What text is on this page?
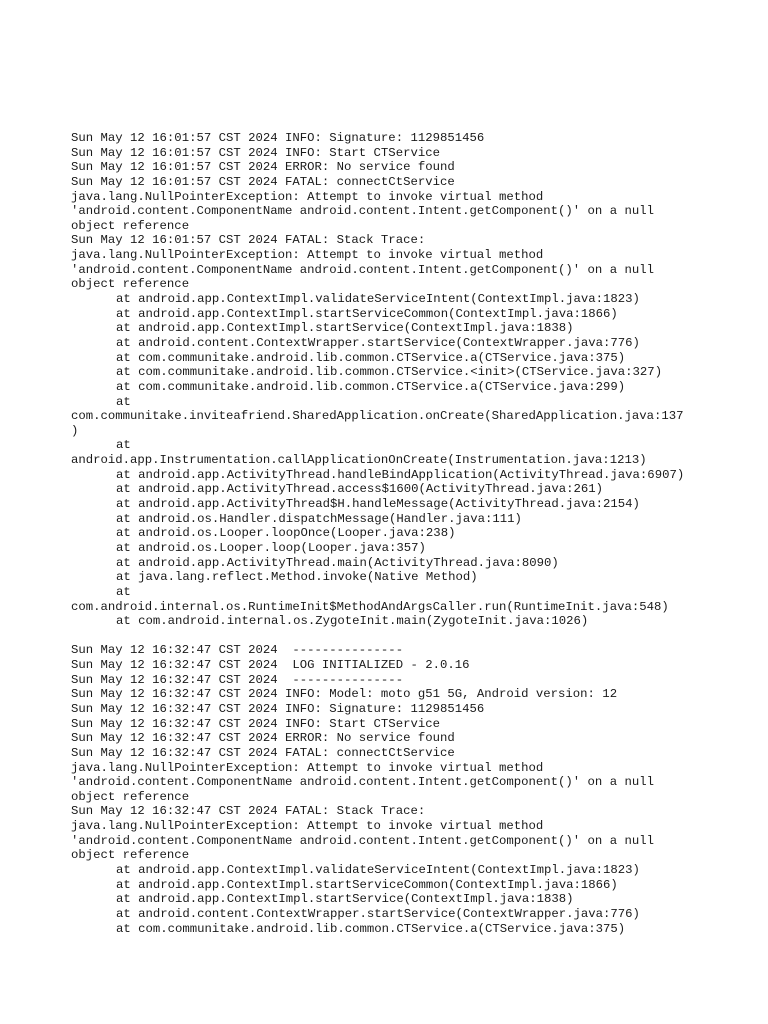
Sun May 12 16:01:57 CST 2024 INFO: Signature: 1129851456
Sun May 12 16:01:57 CST 2024 INFO: Start CTService
Sun May 12 16:01:57 CST 2024 ERROR: No service found
Sun May 12 16:01:57 CST 2024 FATAL: connectCtService
java.lang.NullPointerException: Attempt to invoke virtual method
'android.content.ComponentName android.content.Intent.getComponent()' on a null
object reference
Sun May 12 16:01:57 CST 2024 FATAL: Stack Trace:
java.lang.NullPointerException: Attempt to invoke virtual method
'android.content.ComponentName android.content.Intent.getComponent()' on a null
object reference
at android.app.ContextImpl.validateServiceIntent(ContextImpl.java:1823)
at android.app.ContextImpl.startServiceCommon(ContextImpl.java:1866)
at android.app.ContextImpl.startService(ContextImpl.java:1838)
at android.content.ContextWrapper.startService(ContextWrapper.java:776)
at com.communitake.android.lib.common.CTService.a(CTService.java:375)
at com.communitake.android.lib.common.CTService.<init>(CTService.java:327)
at com.communitake.android.lib.common.CTService.a(CTService.java:299)
at
com.communitake.inviteafriend.SharedApplication.onCreate(SharedApplication.java:137
)
at
android.app.Instrumentation.callApplicationOnCreate(Instrumentation.java:1213)
at android.app.ActivityThread.handleBindApplication(ActivityThread.java:6907)
at android.app.ActivityThread.access$1600(ActivityThread.java:261)
at android.app.ActivityThread$H.handleMessage(ActivityThread.java:2154)
at android.os.Handler.dispatchMessage(Handler.java:111)
at android.os.Looper.loopOnce(Looper.java:238)
at android.os.Looper.loop(Looper.java:357)
at android.app.ActivityThread.main(ActivityThread.java:8090)
at java.lang.reflect.Method.invoke(Native Method)
at
com.android.internal.os.RuntimeInit$MethodAndArgsCaller.run(RuntimeInit.java:548)
at com.android.internal.os.ZygoteInit.main(ZygoteInit.java:1026)
Sun May 12 16:32:47 CST 2024  ---------------
Sun May 12 16:32:47 CST 2024  LOG INITIALIZED - 2.0.16
Sun May 12 16:32:47 CST 2024  ---------------
Sun May 12 16:32:47 CST 2024 INFO: Model: moto g51 5G, Android version: 12
Sun May 12 16:32:47 CST 2024 INFO: Signature: 1129851456
Sun May 12 16:32:47 CST 2024 INFO: Start CTService
Sun May 12 16:32:47 CST 2024 ERROR: No service found
Sun May 12 16:32:47 CST 2024 FATAL: connectCtService
java.lang.NullPointerException: Attempt to invoke virtual method
'android.content.ComponentName android.content.Intent.getComponent()' on a null
object reference
Sun May 12 16:32:47 CST 2024 FATAL: Stack Trace:
java.lang.NullPointerException: Attempt to invoke virtual method
'android.content.ComponentName android.content.Intent.getComponent()' on a null
object reference
at android.app.ContextImpl.validateServiceIntent(ContextImpl.java:1823)
at android.app.ContextImpl.startServiceCommon(ContextImpl.java:1866)
at android.app.ContextImpl.startService(ContextImpl.java:1838)
at android.content.ContextWrapper.startService(ContextWrapper.java:776)
at com.communitake.android.lib.common.CTService.a(CTService.java:375)
